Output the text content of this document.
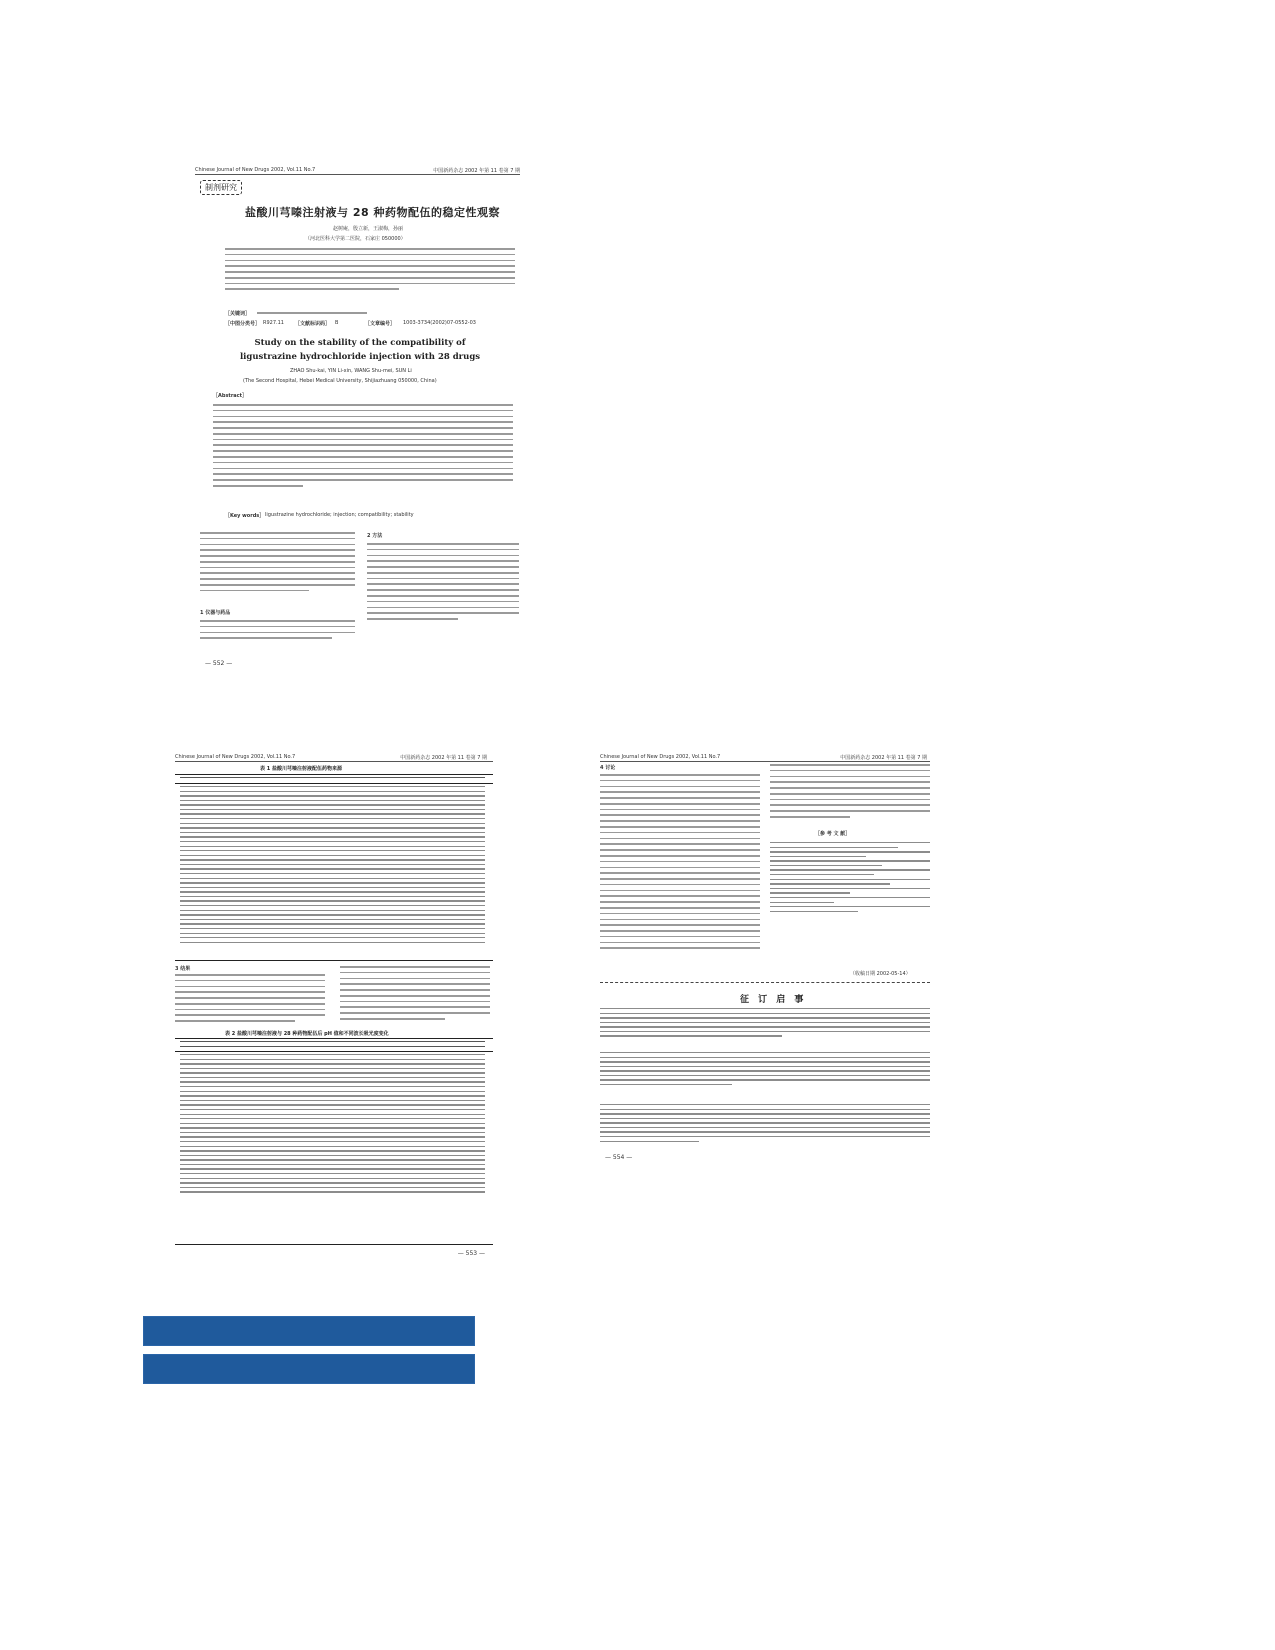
Chinese Journal of New Drugs 2002, Vol.11 No.7	中国新药杂志 2002 年第 11 卷第 7 期
制剂研究
盐酸川芎嗪注射液与 28 种药物配伍的稳定性观察
赵树庵，殷立新，王淑梅，孙丽
（河北医科大学第二医院，石家庄 050000）
［关键词］
［中图分类号］ R927.11 ［文献标识码］ B	［文章编号］ 1003-3734(2002)07-0552-03
Study on the stability of the compatibility of
ligustrazine hydrochloride injection with 28 drugs
ZHAO Shu-kai, YIN Li-xin, WANG Shu-mei, SUN Li
(The Second Hospital, Hebei Medical University, Shijiazhuang 050000, China)
［Abstract］
［Key words］ ligustrazine hydrochloride; injection; compatibility; stability
1 仪器与药品
2 方法
— 552 —
Chinese Journal of New Drugs 2002, Vol.11 No.7	中国新药杂志 2002 年第 11 卷第 7 期
表 1 盐酸川芎嗪注射液配伍药物来源
3 结果
表 2 盐酸川芎嗪注射液与 28 种药物配伍后 pH 值和不同波长吸光度变化
— 553 —
Chinese Journal of New Drugs 2002, Vol.11 No.7	中国新药杂志 2002 年第 11 卷第 7 期
4 讨论
［参 考 文 献］
（收稿日期 2002-05-14）
征 订 启 事
— 554 —
